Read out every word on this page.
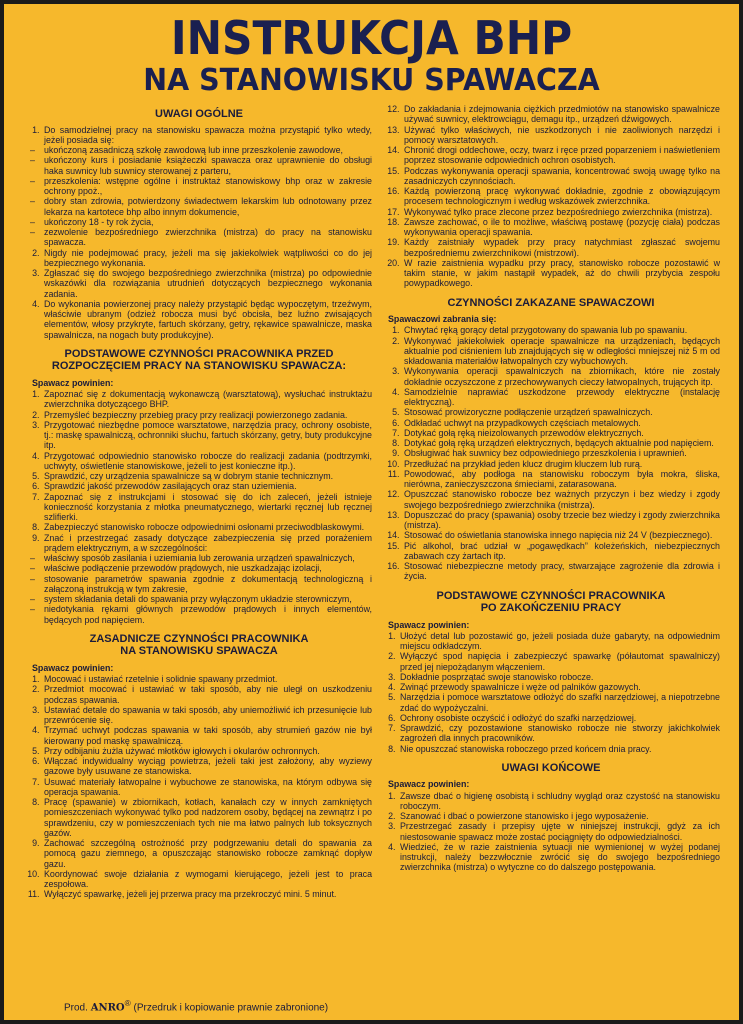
INSTRUKCJA BHP
NA STANOWISKU SPAWACZA
UWAGI OGÓLNE
1. Do samodzielnej pracy na stanowisku spawacza można przystąpić tylko wtedy, jeżeli posiada się:
– ukończoną zasadniczą szkołę zawodową lub inne przeszkolenie zawodowe,
– ukończony kurs i posiadanie książeczki spawacza oraz uprawnienie do obsługi haka suwnicy lub suwnicy sterowanej z parteru,
– przeszkolenia: wstępne ogólne i instruktaż stanowiskowy bhp oraz w zakresie ochrony ppoż.,
– dobry stan zdrowia, potwierdzony świadectwem lekarskim lub odnotowany przez lekarza na kartotece bhp albo innym dokumencie,
– ukończony 18 - ty rok życia,
– zezwolenie bezpośredniego zwierzchnika (mistrza) do pracy na stanowisku spawacza.
2. Nigdy nie podejmować pracy, jeżeli ma się jakiekolwiek wątpliwości co do jej bezpiecznego wykonania.
3. Zgłaszać się do swojego bezpośredniego zwierzchnika (mistrza) po odpowiednie wskazówki dla rozwiązania utrudnień dotyczących bezpiecznego wykonania zadania.
4. Do wykonania powierzonej pracy należy przystąpić będąc wypoczętym, trzeźwym, właściwie ubranym (odzież robocza musi być obcisła, bez luźno zwisających elementów, włosy przykryte, fartuch skórzany, getry, rękawice spawalnicze, maska spawalnicza, na nogach buty produkcyjne).
PODSTAWOWE CZYNNOŚCI PRACOWNIKA PRZED
ROZPOCZĘCIEM PRACY NA STANOWISKU SPAWACZA:
Spawacz powinien:
1. Zapoznać się z dokumentacją wykonawczą (warsztatową), wysłuchać instruktażu zwierzchnika dotyczącego BHP.
2. Przemyśleć bezpieczny przebieg pracy przy realizacji powierzonego zadania.
3. Przygotować niezbędne pomoce warsztatowe, narzędzia pracy, ochrony osobiste, tj.: maskę spawalniczą, ochronniki słuchu, fartuch skórzany, getry, buty produkcyjne itp.
4. Przygotować odpowiednio stanowisko robocze do realizacji zadania (podtrzymki, uchwyty, oświetlenie stanowiskowe, jeżeli to jest konieczne itp.).
5. Sprawdzić, czy urządzenia spawalnicze są w dobrym stanie technicznym.
6. Sprawdzić jakość przewodów zasilających oraz stan uziemienia.
7. Zapoznać się z instrukcjami i stosować się do ich zaleceń, jeżeli istnieje konieczność korzystania z młotka pneumatycznego, wiertarki ręcznej lub ręcznej szlifierki.
8. Zabezpieczyć stanowisko robocze odpowiednimi osłonami przeciwodblaskowymi.
9. Znać i przestrzegać zasady dotyczące zabezpieczenia się przed porażeniem prądem elektrycznym, a w szczególności:
– właściwy sposób zasilania i uziemiania lub zerowania urządzeń spawalniczych,
– właściwe podłączenie przewodów prądowych, nie uszkadzając izolacji,
– stosowanie parametrów spawania zgodnie z dokumentacją technologiczną i załączoną instrukcją w tym zakresie,
– system składania detali do spawania przy wyłączonym układzie sterowniczym,
– niedotykania rękami głównych przewodów prądowych i innych elementów, będących pod napięciem.
ZASADNICZE CZYNNOŚCI PRACOWNIKA
NA STANOWISKU SPAWACZA
Spawacz powinien:
1. Mocować i ustawiać rzetelnie i solidnie spawany przedmiot.
2. Przedmiot mocować i ustawiać w taki sposób, aby nie uległ on uszkodzeniu podczas spawania.
3. Ustawiać detale do spawania w taki sposób, aby uniemożliwić ich przesunięcie lub przewrócenie się.
4. Trzymać uchwyt podczas spawania w taki sposób, aby strumień gazów nie był kierowany pod maskę spawalniczą.
5. Przy odbijaniu żużla używać młotków igłowych i okularów ochronnych.
6. Włączać indywidualny wyciąg powietrza, jeżeli taki jest założony, aby wyziewy gazowe były usuwane ze stanowiska.
7. Usuwać materiały łatwopalne i wybuchowe ze stanowiska, na którym odbywa się operacja spawania.
8. Pracę (spawanie) w zbiornikach, kotłach, kanałach czy w innych zamkniętych pomieszczeniach wykonywać tylko pod nadzorem osoby, będącej na zewnątrz i po sprawdzeniu, czy w pomieszczeniach tych nie ma łatwo palnych lub toksycznych gazów.
9. Zachować szczególną ostrożność przy podgrzewaniu detali do spawania za pomocą gazu ziemnego, a opuszczając stanowisko robocze zamknąć dopływ gazu.
10. Koordynować swoje działania z wymogami kierującego, jeżeli jest to praca zespołowa.
11. Wyłączyć spawarkę, jeżeli jej przerwa pracy ma przekroczyć mini. 5 minut.
12. Do zakładania i zdejmowania ciężkich przedmiotów na stanowisko spawalnicze używać suwnicy, elektrowciągu, demagu itp., urządzeń dźwigowych.
13. Używać tylko właściwych, nie uszkodzonych i nie zaoliwionych narzędzi i pomocy warsztatowych.
14. Chronić drogi oddechowe, oczy, twarz i ręce przed poparzeniem i naświetleniem poprzez stosowanie odpowiednich ochron osobistych.
15. Podczas wykonywania operacji spawania, koncentrować swoją uwagę tylko na zasadniczych czynnościach.
16. Każdą powierzoną pracę wykonywać dokładnie, zgodnie z obowiązującym procesem technologicznym i według wskazówek zwierzchnika.
17. Wykonywać tylko prace zlecone przez bezpośredniego zwierzchnika (mistrza).
18. Zawsze zachować, o ile to możliwe, właściwą postawę (pozycję ciała) podczas wykonywania operacji spawania.
19. Każdy zaistniały wypadek przy pracy natychmiast zgłaszać swojemu bezpośredniemu zwierzchnikowi (mistrzowi).
20. W razie zaistnienia wypadku przy pracy, stanowisko robocze pozostawić w takim stanie, w jakim nastąpił wypadek, aż do chwili przybycia zespołu powypadkowego.
CZYNNOŚCI ZAKAZANE SPAWACZOWI
Spawaczowi zabrania się:
1. Chwytać ręką gorący detal przygotowany do spawania lub po spawaniu.
2. Wykonywać jakiekolwiek operacje spawalnicze na urządzeniach, będących aktualnie pod ciśnieniem lub znajdujących się w odległości mniejszej niż 5 m od składowania materiałów łatwopalnych czy wybuchowych.
3. Wykonywania operacji spawalniczych na zbiornikach, które nie zostały dokładnie oczyszczone z przechowywanych cieczy łatwopalnych, trujących itp.
4. Samodzielnie naprawiać uszkodzone przewody elektryczne (instalację elektryczną).
5. Stosować prowizoryczne podłączenie urządzeń spawalniczych.
6. Odkładać uchwyt na przypadkowych częściach metalowych.
7. Dotykać gołą ręką nieizolowanych przewodów elektrycznych.
8. Dotykać gołą ręką urządzeń elektrycznych, będących aktualnie pod napięciem.
9. Obsługiwać hak suwnicy bez odpowiedniego przeszkolenia i uprawnień.
10. Przedłużać na przykład jeden klucz drugim kluczem lub rurą.
11. Powodować, aby podłoga na stanowisku roboczym była mokra, śliska, nierówna, zanieczyszczona śmieciami, zatarasowana.
12. Opuszczać stanowisko robocze bez ważnych przyczyn i bez wiedzy i zgody swojego bezpośredniego zwierzchnika (mistrza).
13. Dopuszczać do pracy (spawania) osoby trzecie bez wiedzy i zgody zwierzchnika (mistrza).
14. Stosować do oświetlania stanowiska innego napięcia niż 24 V (bezpiecznego).
15. Pić alkohol, brać udział w „pogawędkach” koleżeńskich, niebezpiecznych zabawach czy żartach itp.
16. Stosować niebezpieczne metody pracy, stwarzające zagrożenie dla zdrowia i życia.
PODSTAWOWE CZYNNOŚCI PRACOWNIKA
PO ZAKOŃCZENIU PRACY
Spawacz powinien:
1. Ułożyć detal lub pozostawić go, jeżeli posiada duże gabaryty, na odpowiednim miejscu odkładczym.
2. Wyłączyć spod napięcia i zabezpieczyć spawarkę (półautomat spawalniczy) przed jej niepożądanym włączeniem.
3. Dokładnie posprzątać swoje stanowisko robocze.
4. Zwinąć przewody spawalnicze i węże od palników gazowych.
5. Narzędzia i pomoce warsztatowe odłożyć do szafki narzędziowej, a niepotrzebne zdać do wypożyczalni.
6. Ochrony osobiste oczyścić i odłożyć do szafki narzędziowej.
7. Sprawdzić, czy pozostawione stanowisko robocze nie stworzy jakichkolwiek zagrożeń dla innych pracowników.
8. Nie opuszczać stanowiska roboczego przed końcem dnia pracy.
UWAGI KOŃCOWE
Spawacz powinien:
1. Zawsze dbać o higienę osobistą i schludny wygląd oraz czystość na stanowisku roboczym.
2. Szanować i dbać o powierzone stanowisko i jego wyposażenie.
3. Przestrzegać zasady i przepisy ujęte w niniejszej instrukcji, gdyż za ich niestosowanie spawacz może zostać pociągnięty do odpowiedzialności.
4. Wiedzieć, że w razie zaistnienia sytuacji nie wymienionej w wyżej podanej instrukcji, należy bezzwłocznie zwrócić się do swojego bezpośredniego zwierzchnika (mistrza) o wytyczne co do dalszego postępowania.
Prod. ANRO® (Przedruk i kopiowanie prawnie zabronione)
